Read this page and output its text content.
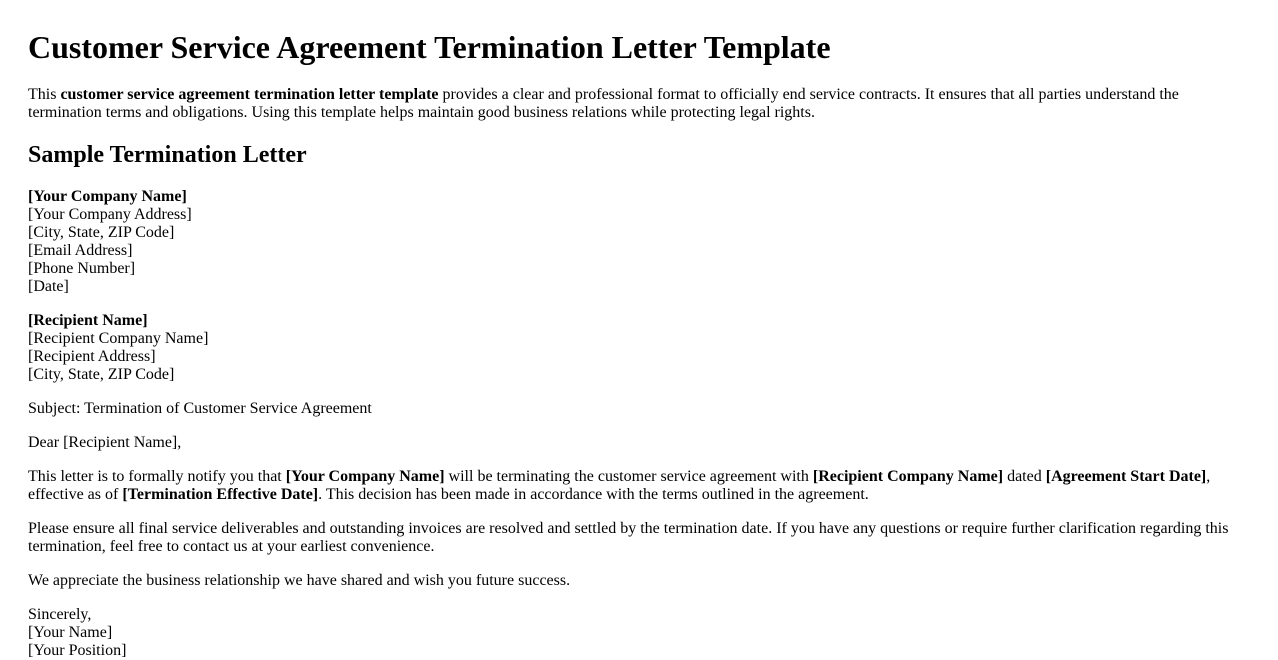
Customer Service Agreement Termination Letter Template

This customer service agreement termination letter template provides a clear and professional format to officially end service contracts. It ensures that all parties understand the termination terms and obligations. Using this template helps maintain good business relations while protecting legal rights.

Sample Termination Letter
[Your Company Name]
[Your Company Address]
[City, State, ZIP Code]
[Email Address]
[Phone Number]
[Date]
[Recipient Name]
[Recipient Company Name]
[Recipient Address]
[City, State, ZIP Code]

Subject: Termination of Customer Service Agreement

Dear [Recipient Name],

This letter is to formally notify you that [Your Company Name] will be terminating the customer service agreement with [Recipient Company Name] dated [Agreement Start Date], effective as of [Termination Effective Date]. This decision has been made in accordance with the terms outlined in the agreement.

Please ensure all final service deliverables and outstanding invoices are resolved and settled by the termination date. If you have any questions or require further clarification regarding this termination, feel free to contact us at your earliest convenience.

We appreciate the business relationship we have shared and wish you future success.

Sincerely,
[Your Name]
[Your Position]
